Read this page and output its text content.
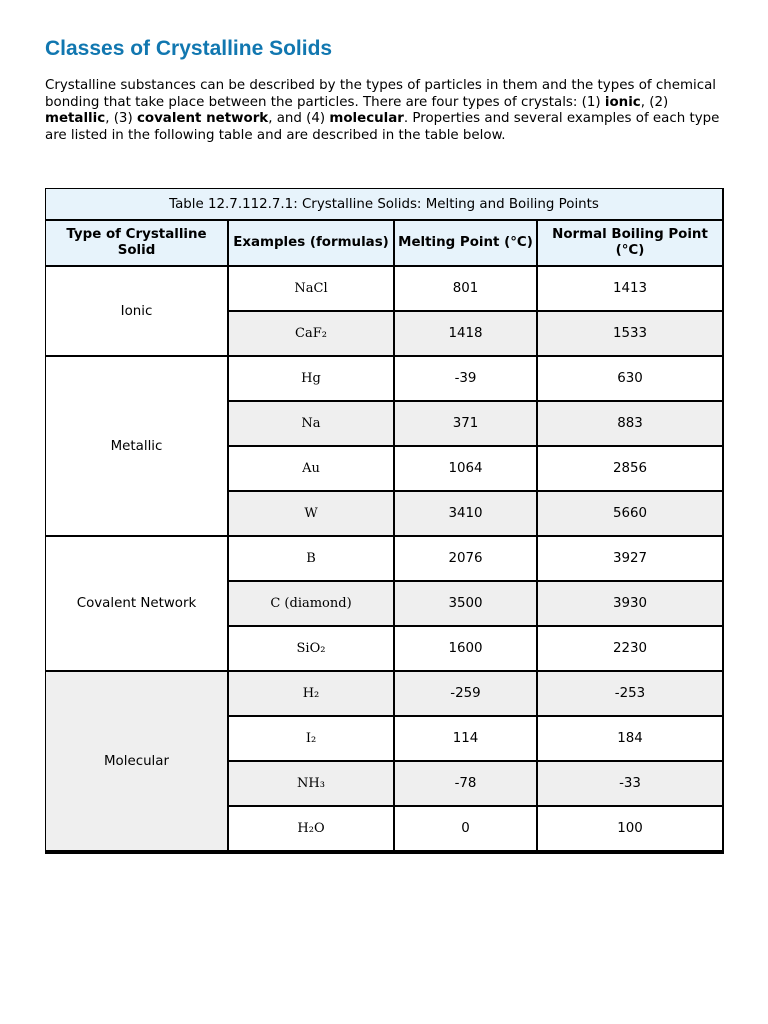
Classes of Crystalline Solids

Crystalline substances can be described by the types of particles in them and the types of chemical bonding that take place between the particles. There are four types of crystals: (1) ionic, (2) metallic, (3) covalent network, and (4) molecular. Properties and several examples of each type are listed in the following table and are described in the table below.

Table 12.7.112.7.1: Crystalline Solids: Melting and Boiling Points			
Type of Crystalline Solid	Examples (formulas)	Melting Point (°C)	Normal Boiling Point (°C)
Ionic	NaCl	801	1413
	CaF₂	1418	1533
Metallic	Hg	-39	630
	Na	371	883
	Au	1064	2856
	W	3410	5660
Covalent Network	B	2076	3927
	C (diamond)	3500	3930
	SiO₂	1600	2230
Molecular	H₂	-259	-253
	I₂	114	184
	NH₃	-78	-33
	H₂O	0	100
